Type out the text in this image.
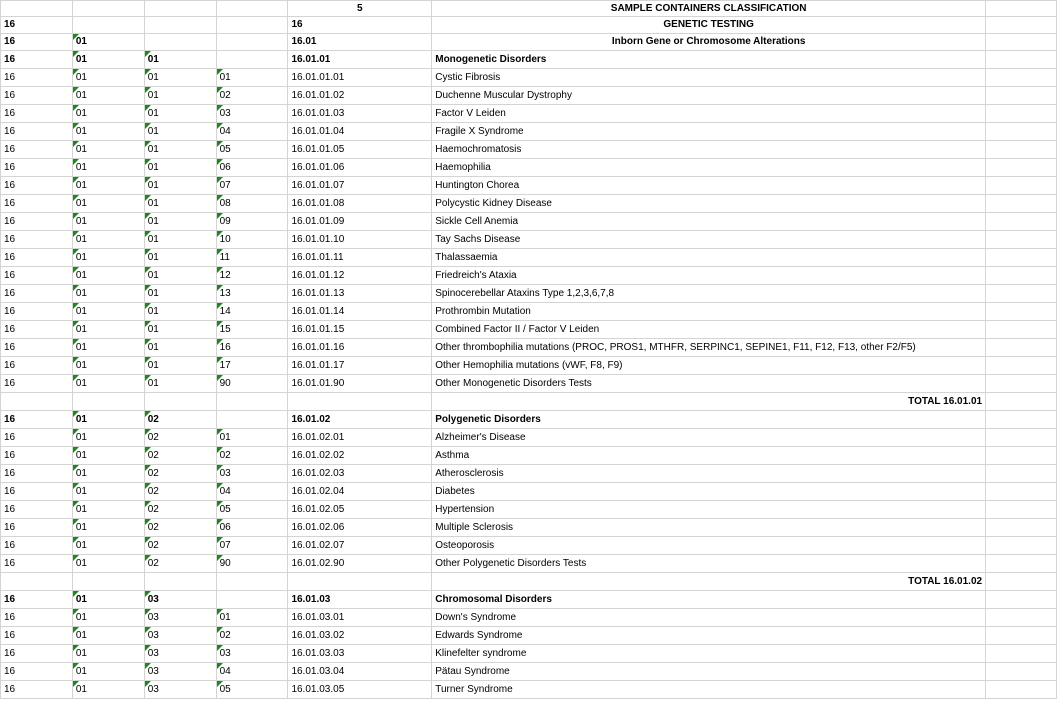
				5	SAMPLE CONTAINERS CLASSIFICATION	
16				16	GENETIC TESTING	
16	01			16.01	Inborn Gene or Chromosome Alterations	
16	01	01		16.01.01	Monogenetic Disorders	
16	01	01	01	16.01.01.01	Cystic Fibrosis	
16	01	01	02	16.01.01.02	Duchenne Muscular Dystrophy	
16	01	01	03	16.01.01.03	Factor V Leiden	
16	01	01	04	16.01.01.04	Fragile X Syndrome	
16	01	01	05	16.01.01.05	Haemochromatosis	
16	01	01	06	16.01.01.06	Haemophilia	
16	01	01	07	16.01.01.07	Huntington Chorea	
16	01	01	08	16.01.01.08	Polycystic Kidney Disease	
16	01	01	09	16.01.01.09	Sickle Cell Anemia	
16	01	01	10	16.01.01.10	Tay Sachs Disease	
16	01	01	11	16.01.01.11	Thalassaemia	
16	01	01	12	16.01.01.12	Friedreich's Ataxia	
16	01	01	13	16.01.01.13	Spinocerebellar Ataxins Type 1,2,3,6,7,8	
16	01	01	14	16.01.01.14	Prothrombin Mutation	
16	01	01	15	16.01.01.15	Combined Factor II / Factor V Leiden	
16	01	01	16	16.01.01.16	Other thrombophilia mutations (PROC, PROS1, MTHFR, SERPINC1, SEPINE1, F11, F12, F13, other F2/F5)	
16	01	01	17	16.01.01.17	Other Hemophilia mutations (vWF, F8, F9)	
16	01	01	90	16.01.01.90	Other Monogenetic Disorders Tests	
					TOTAL 16.01.01	
16	01	02		16.01.02	Polygenetic Disorders	
16	01	02	01	16.01.02.01	Alzheimer's Disease	
16	01	02	02	16.01.02.02	Asthma	
16	01	02	03	16.01.02.03	Atherosclerosis	
16	01	02	04	16.01.02.04	Diabetes	
16	01	02	05	16.01.02.05	Hypertension	
16	01	02	06	16.01.02.06	Multiple Sclerosis	
16	01	02	07	16.01.02.07	Osteoporosis	
16	01	02	90	16.01.02.90	Other Polygenetic Disorders Tests	
					TOTAL 16.01.02	
16	01	03		16.01.03	Chromosomal Disorders	
16	01	03	01	16.01.03.01	Down's Syndrome	
16	01	03	02	16.01.03.02	Edwards Syndrome	
16	01	03	03	16.01.03.03	Klinefelter syndrome	
16	01	03	04	16.01.03.04	Pätau Syndrome	
16	01	03	05	16.01.03.05	Turner Syndrome	
